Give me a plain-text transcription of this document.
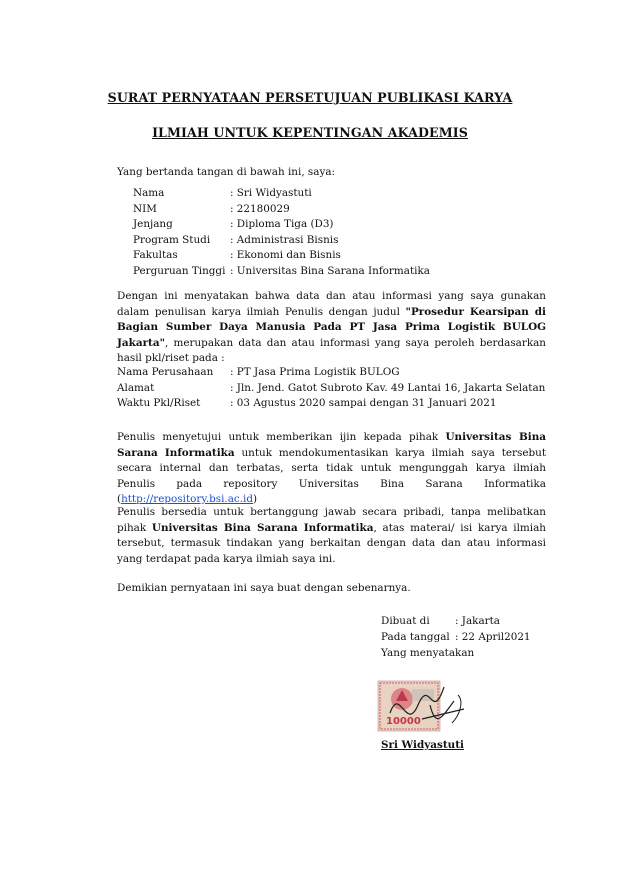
SURAT PERNYATAAN PERSETUJUAN PUBLIKASI KARYA
ILMIAH UNTUK KEPENTINGAN AKADEMIS
Yang bertanda tangan di bawah ini, saya:
Nama	: Sri Widyastuti
NIM	: 22180029
Jenjang	: Diploma Tiga (D3)
Program Studi : Administrasi Bisnis
Fakultas	: Ekonomi dan Bisnis
Perguruan Tinggi : Universitas Bina Sarana Informatika
Dengan ini menyatakan bahwa data dan atau informasi yang saya gunakan dalam penulisan karya ilmiah Penulis dengan judul "Prosedur Kearsipan di Bagian Sumber Daya Manusia Pada PT Jasa Prima Logistik BULOG Jakarta", merupakan data dan atau informasi yang saya peroleh berdasarkan hasil pkl/riset pada :
Nama Perusahaan : PT Jasa Prima Logistik BULOG
Alamat	: Jln. Jend. Gatot Subroto Kav. 49 Lantai 16, Jakarta Selatan
Waktu Pkl/Riset	: 03 Agustus 2020 sampai dengan 31 Januari 2021
Penulis menyetujui untuk memberikan ijin kepada pihak Universitas Bina Sarana Informatika untuk mendokumentasikan karya ilmiah saya tersebut secara internal dan terbatas, serta tidak untuk mengunggah karya ilmiah Penulis pada repository Universitas Bina Sarana Informatika (http://repository.bsi.ac.id)
Penulis bersedia untuk bertanggung jawab secara pribadi, tanpa melibatkan pihak Universitas Bina Sarana Informatika, atas materai/ isi karya ilmiah tersebut, termasuk tindakan yang berkaitan dengan data dan atau informasi yang terdapat pada karya ilmiah saya ini.
Demikian pernyataan ini saya buat dengan sebenarnya.
Dibuat di : Jakarta
Pada tanggal : 22 April2021
Yang menyatakan
10000
Sri Widyastuti
